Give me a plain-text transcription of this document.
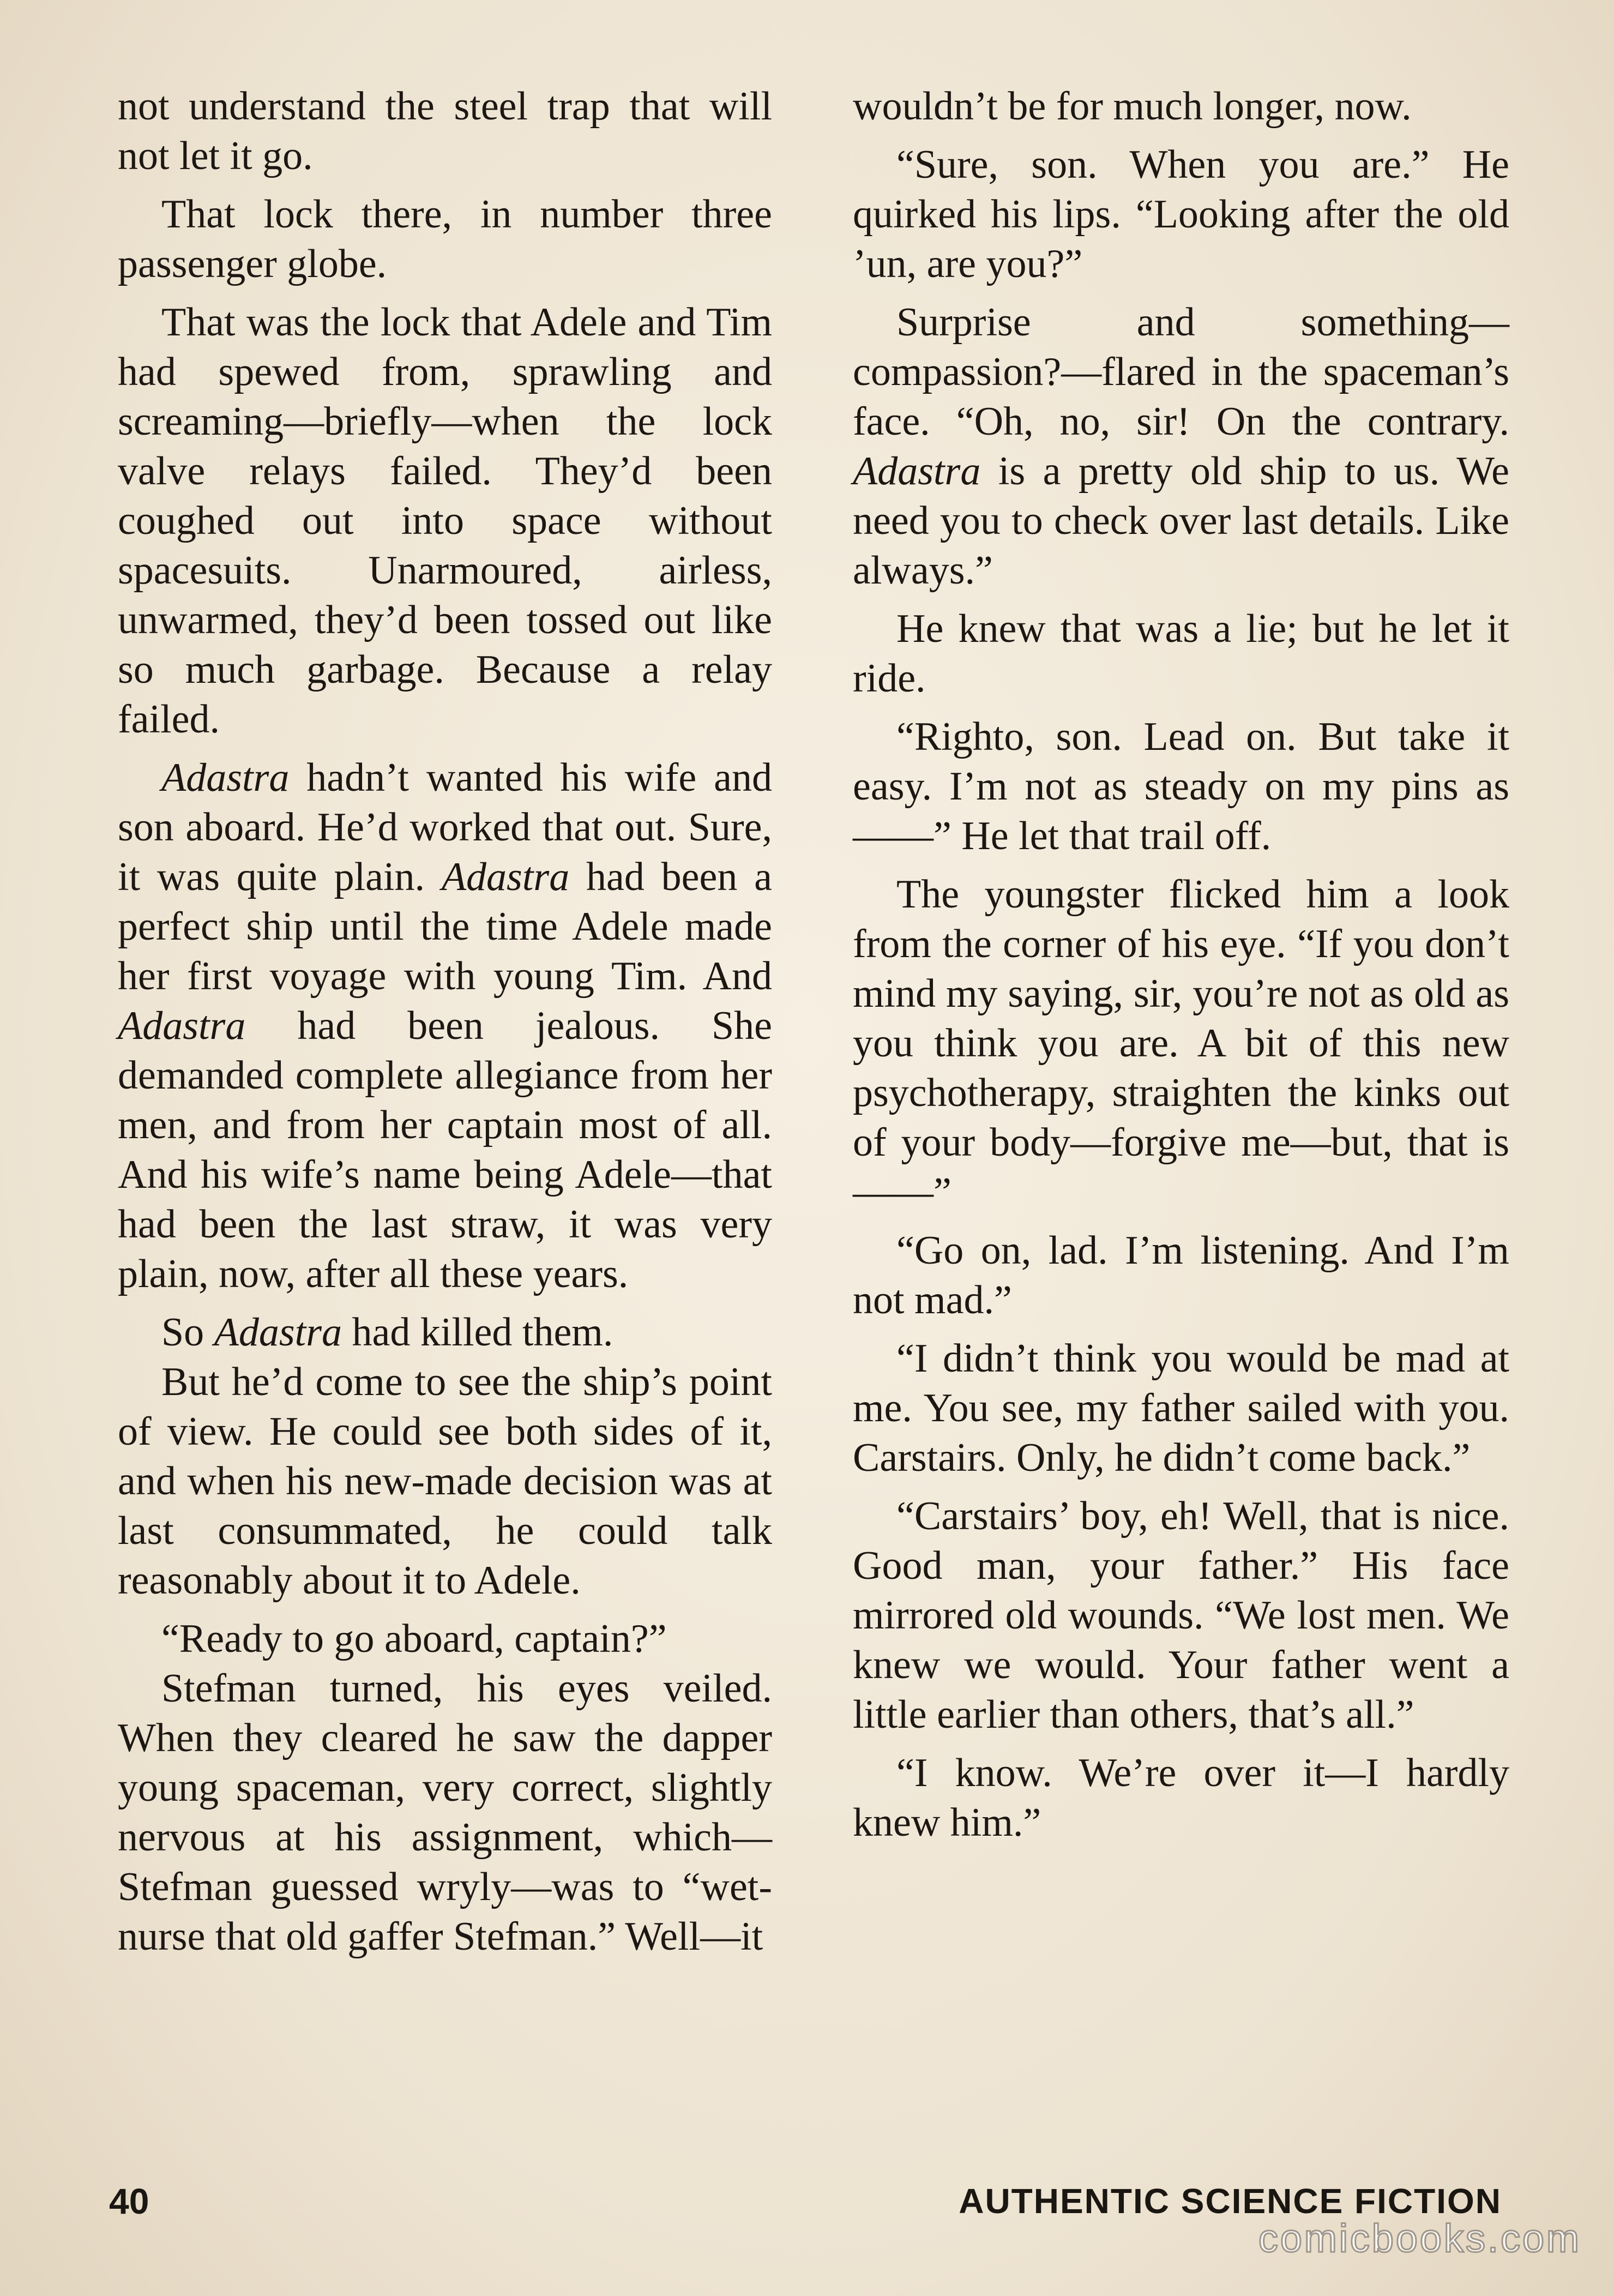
not understand the steel trap that will not let it go.

That lock there, in number three passenger globe.

That was the lock that Adele and Tim had spewed from, sprawling and screaming—briefly—when the lock valve relays failed. They’d been coughed out into space without spacesuits. Unarmoured, airless, unwarmed, they’d been tossed out like so much garbage. Because a relay failed.

Adastra hadn’t wanted his wife and son aboard. He’d worked that out. Sure, it was quite plain. Adastra had been a perfect ship until the time Adele made her first voyage with young Tim. And Adastra had been jealous. She demanded complete allegiance from her men, and from her captain most of all. And his wife’s name being Adele—that had been the last straw, it was very plain, now, after all these years.

So Adastra had killed them.

But he’d come to see the ship’s point of view. He could see both sides of it, and when his new-made decision was at last consummated, he could talk reasonably about it to Adele.

“Ready to go aboard, captain?”

Stefman turned, his eyes veiled. When they cleared he saw the dapper young spaceman, very correct, slightly nervous at his assignment, which—Stefman guessed wryly—was to “wet-nurse that old gaffer Stefman.” Well—it

wouldn’t be for much longer, now.

“Sure, son. When you are.” He quirked his lips. “Looking after the old ’un, are you?”

Surprise and something—compassion?—flared in the spaceman’s face. “Oh, no, sir! On the contrary. Adastra is a pretty old ship to us. We need you to check over last details. Like always.”

He knew that was a lie; but he let it ride.

“Righto, son. Lead on. But take it easy. I’m not as steady on my pins as——” He let that trail off.

The youngster flicked him a look from the corner of his eye. “If you don’t mind my saying, sir, you’re not as old as you think you are. A bit of this new psychotherapy, straighten the kinks out of your body—forgive me—but, that is——”

“Go on, lad. I’m listening. And I’m not mad.”

“I didn’t think you would be mad at me. You see, my father sailed with you. Carstairs. Only, he didn’t come back.”

“Carstairs’ boy, eh! Well, that is nice. Good man, your father.” His face mirrored old wounds. “We lost men. We knew we would. Your father went a little earlier than others, that’s all.”

“I know. We’re over it—I hardly knew him.”

40	AUTHENTIC SCIENCE FICTION
comicbooks.com
